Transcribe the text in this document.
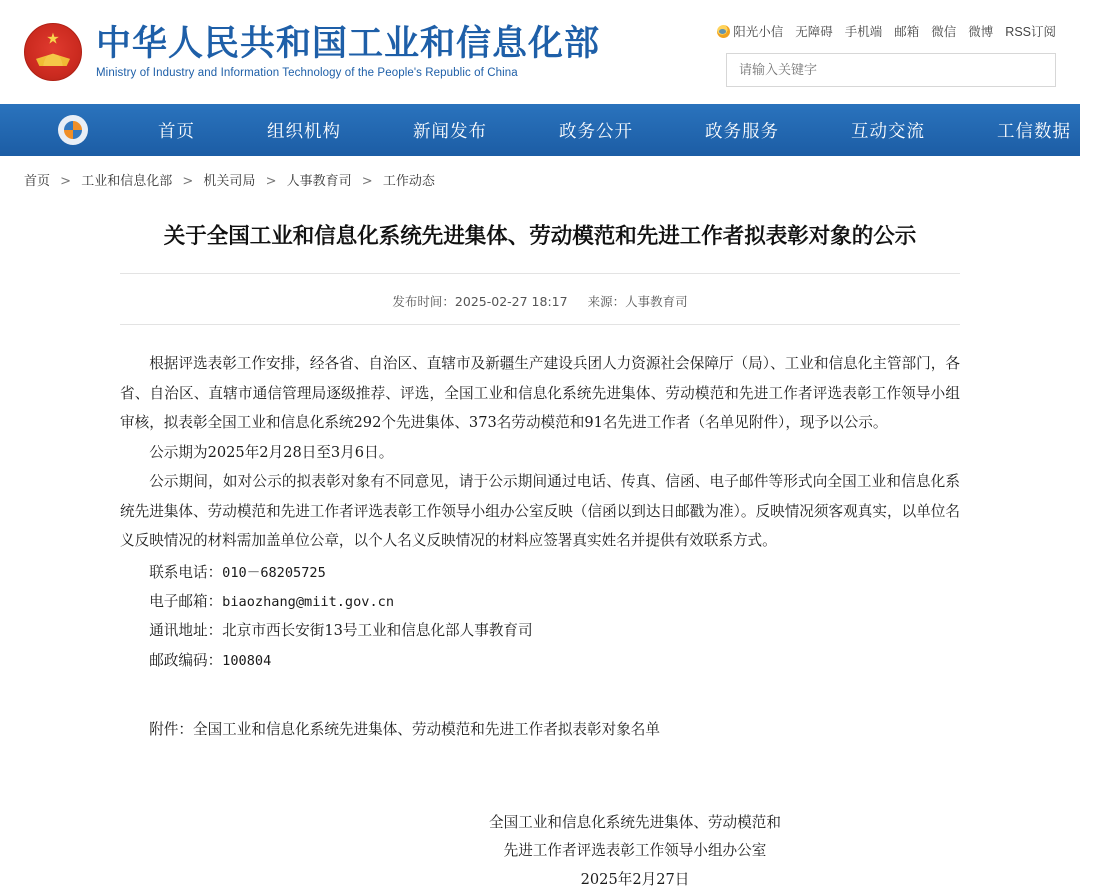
★
中华人民共和国工业和信息化部
Ministry of Industry and Information Technology of the People's Republic of China
阳光小信 无障碍 手机端 邮箱 微信 微博 RSS订阅
请输入关键字
首页	组织机构	新闻发布	政务公开	政务服务	互动交流	工信数据
首页 > 工业和信息化部 > 机关司局 > 人事教育司 > 工作动态
关于全国工业和信息化系统先进集体、劳动模范和先进工作者拟表彰对象的公示
发布时间：2025-02-27 18:17 来源：人事教育司

根据评选表彰工作安排，经各省、自治区、直辖市及新疆生产建设兵团人力资源社会保障厅（局）、工业和信息化主管部门，各省、自治区、直辖市通信管理局逐级推荐、评选，全国工业和信息化系统先进集体、劳动模范和先进工作者评选表彰工作领导小组审核，拟表彰全国工业和信息化系统292个先进集体、373名劳动模范和91名先进工作者（名单见附件），现予以公示。

公示期为2025年2月28日至3月6日。

公示期间，如对公示的拟表彰对象有不同意见，请于公示期间通过电话、传真、信函、电子邮件等形式向全国工业和信息化系统先进集体、劳动模范和先进工作者评选表彰工作领导小组办公室反映（信函以到达日邮戳为准）。反映情况须客观真实，以单位名义反映情况的材料需加盖单位公章，以个人名义反映情况的材料应签署真实姓名并提供有效联系方式。

联系电话：010－68205725

电子邮箱：biaozhang@miit.gov.cn

通讯地址：北京市西长安街13号工业和信息化部人事教育司

邮政编码：100804

附件：全国工业和信息化系统先进集体、劳动模范和先进工作者拟表彰对象名单

全国工业和信息化系统先进集体、劳动模范和
先进工作者评选表彰工作领导小组办公室
2025年2月27日
